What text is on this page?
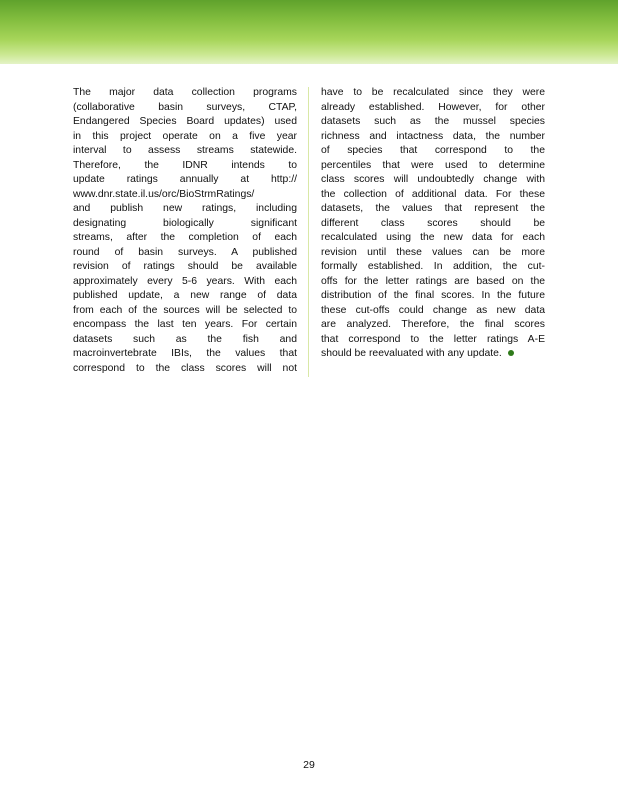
The major data collection programs
(collaborative basin surveys, CTAP,
Endangered Species Board updates) used
in this project operate on a five year
interval to assess streams statewide.
Therefore, the IDNR intends to
update ratings annually at http://
www.dnr.state.il.us/orc/BioStrmRatings/
and publish new ratings, including
designating biologically significant
streams, after the completion of each
round of basin surveys. A published
revision of ratings should be available
approximately every 5-6 years. With each
published update, a new range of data
from each of the sources will be selected to
encompass the last ten years. For certain
datasets such as the fish and
macroinvertebrate IBIs, the values that
correspond to the class scores will not
have to be recalculated since they were
already established. However, for other
datasets such as the mussel species
richness and intactness data, the number
of species that correspond to the
percentiles that were used to determine
class scores will undoubtedly change with
the collection of additional data. For these
datasets, the values that represent the
different class scores should be
recalculated using the new data for each
revision until these values can be more
formally established. In addition, the cut-
offs for the letter ratings are based on the
distribution of the final scores. In the future
these cut-offs could change as new data
are analyzed. Therefore, the final scores
that correspond to the letter ratings A-E
should be reevaluated with any update.
29
